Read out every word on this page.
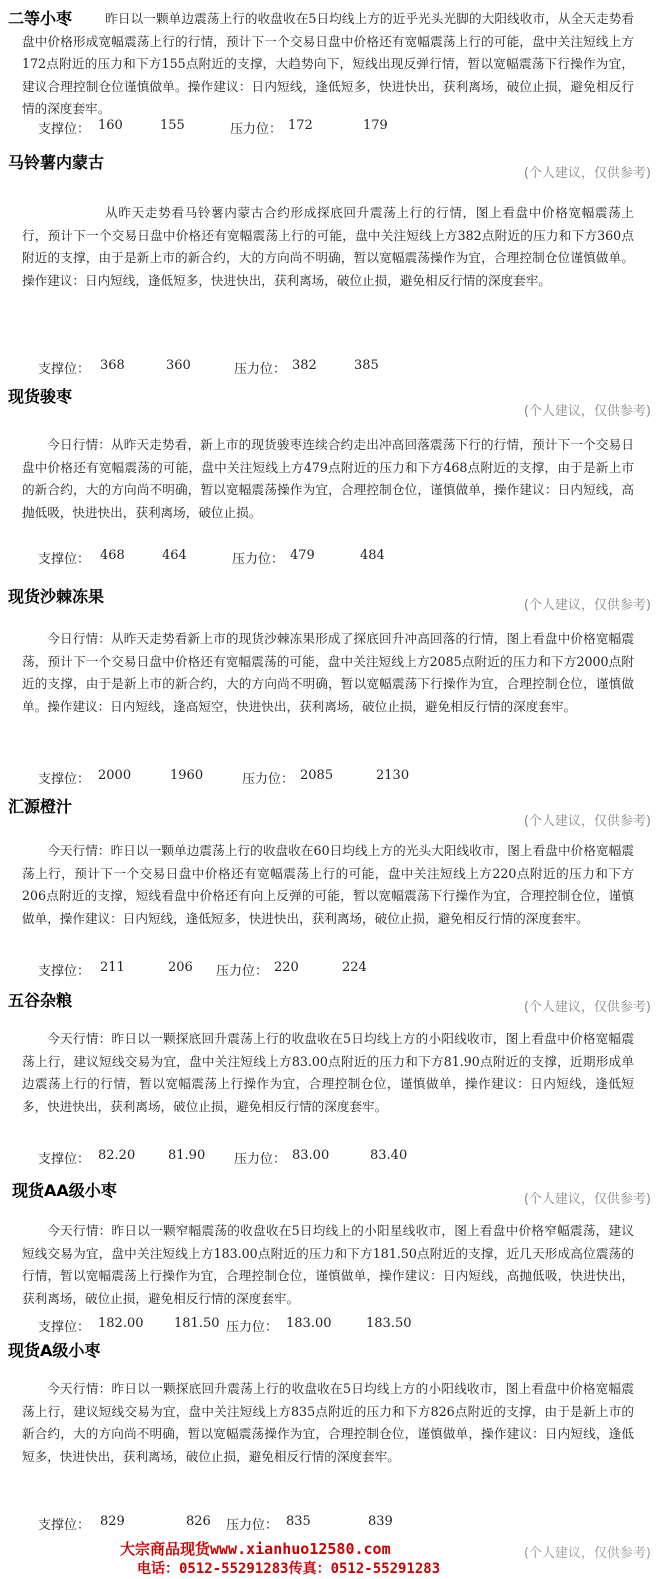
二等小枣	昨日以一颗单边震荡上行的收盘收在5日均线上方的近乎光头光脚的大阳线收市，从全天走势看盘中价格形成宽幅震荡上行的行情，预计下一个交易日盘中价格还有宽幅震荡上行的可能，盘中关注短线上方172点附近的压力和下方155点附近的支撑，大趋势向下，短线出现反弹行情，暂以宽幅震荡下行操作为宜，建议合理控制仓位谨慎做单。操作建议：日内短线，逢低短多，快进快出，获利离场，破位止损，避免相反行情的深度套牢。

支撑位： 160	155	压力位： 172	179
马铃薯内蒙古
(个人建议，仅供参考)

从昨天走势看马铃薯内蒙古合约形成探底回升震荡上行的行情，图上看盘中价格宽幅震荡上行，预计下一个交易日盘中价格还有宽幅震荡上行的可能，盘中关注短线上方382点附近的压力和下方360点附近的支撑，由于是新上市的新合约，大的方向尚不明确，暂以宽幅震荡操作为宜，合理控制仓位谨慎做单。操作建议：日内短线，逢低短多，快进快出，获利离场，破位止损，避免相反行情的深度套牢。

支撑位： 368	360	压力位： 382	385
现货骏枣
(个人建议，仅供参考)

今日行情：从昨天走势看，新上市的现货骏枣连续合约走出冲高回落震荡下行的行情，预计下一个交易日盘中价格还有宽幅震荡的可能，盘中关注短线上方479点附近的压力和下方468点附近的支撑，由于是新上市的新合约，大的方向尚不明确，暂以宽幅震荡操作为宜，合理控制仓位，谨慎做单，操作建议：日内短线，高抛低吸，快进快出，获利离场，破位止损。

支撑位： 468	464	压力位： 479	484
现货沙棘冻果	(个人建议，仅供参考)

今日行情：从昨天走势看新上市的现货沙棘冻果形成了探底回升冲高回落的行情，图上看盘中价格宽幅震荡，预计下一个交易日盘中价格还有宽幅震荡的可能，盘中关注短线上方2085点附近的压力和下方2000点附近的支撑，由于是新上市的新合约，大的方向尚不明确，暂以宽幅震荡下行操作为宜，合理控制仓位，谨慎做单。操作建议：日内短线，逢高短空，快进快出，获利离场，破位止损，避免相反行情的深度套牢。

支撑位： 2000	1960	压力位： 2085	2130
汇源橙汁
(个人建议，仅供参考)

今天行情：昨日以一颗单边震荡上行的收盘收在60日均线上方的光头大阳线收市，图上看盘中价格宽幅震荡上行，预计下一个交易日盘中价格还有宽幅震荡上行的可能，盘中关注短线上方220点附近的压力和下方206点附近的支撑，短线看盘中价格还有向上反弹的可能，暂以宽幅震荡下行操作为宜，合理控制仓位，谨慎做单，操作建议：日内短线，逢低短多，快进快出，获利离场，破位止损，避免相反行情的深度套牢。

支撑位： 211	206 压力位： 220	224
五谷杂粮	(个人建议，仅供参考)

今天行情：昨日以一颗探底回升震荡上行的收盘收在5日均线上方的小阳线收市，图上看盘中价格宽幅震荡上行，建议短线交易为宜，盘中关注短线上方83.00点附近的压力和下方81.90点附近的支撑，近期形成单边震荡上行的行情，暂以宽幅震荡上行操作为宜，合理控制仓位，谨慎做单，操作建议：日内短线，逢低短多，快进快出，获利离场，破位止损，避免相反行情的深度套牢。

支撑位： 82.20	81.90 压力位： 83.00	83.40
现货AA级小枣	(个人建议，仅供参考)

今天行情：昨日以一颗窄幅震荡的收盘收在5日均线上的小阳星线收市，图上看盘中价格窄幅震荡，建议短线交易为宜，盘中关注短线上方183.00点附近的压力和下方181.50点附近的支撑，近几天形成高位震荡的行情，暂以宽幅震荡上行操作为宜，合理控制仓位，谨慎做单，操作建议：日内短线，高抛低吸，快进快出，获利离场，破位止损，避免相反行情的深度套牢。

支撑位： 182.00 181.50 压力位： 183.00	183.50
现货A级小枣

今天行情：昨日以一颗探底回升震荡上行的收盘收在5日均线上方的小阳线收市，图上看盘中价格宽幅震荡上行，建议短线交易为宜，盘中关注短线上方835点附近的压力和下方826点附近的支撑，由于是新上市的新合约，大的方向尚不明确，暂以宽幅震荡操作为宜，合理控制仓位，谨慎做单，操作建议：日内短线，逢低短多，快进快出，获利离场，破位止损，避免相反行情的深度套牢。

支撑位： 829	826 压力位： 835	839
大宗商品现货www.xianhuo12580.com
电话：0512-55291283传真：0512-55291283
(个人建议，仅供参考)
